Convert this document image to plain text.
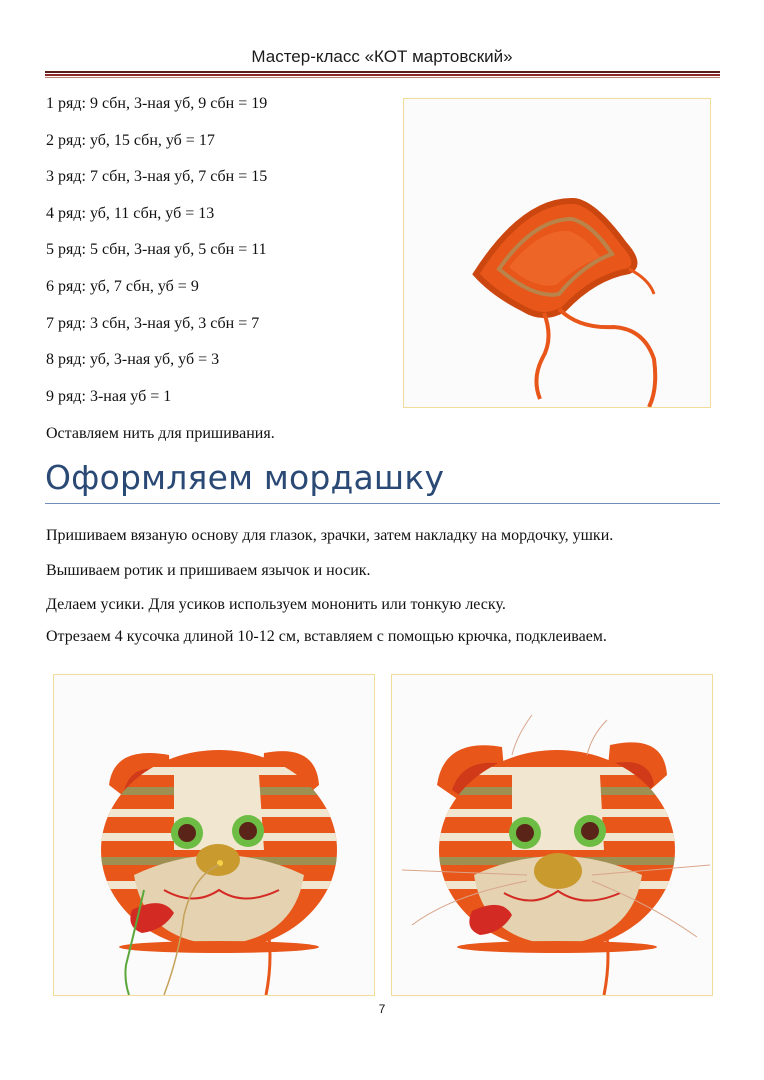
Мастер-класс «КОТ мартовский»
1 ряд: 9 сбн, 3-ная уб, 9 сбн = 19
2 ряд: уб, 15 сбн, уб = 17
3 ряд: 7 сбн, 3-ная уб, 7 сбн = 15
4 ряд: уб, 11 сбн, уб = 13
5 ряд: 5 сбн, 3-ная уб, 5 сбн = 11
6 ряд: уб, 7 сбн, уб = 9
7 ряд: 3 сбн, 3-ная уб, 3 сбн = 7
8 ряд: уб, 3-ная уб, уб = 3
9 ряд: 3-ная уб = 1
Оставляем нить для пришивания.
Оформляем мордашку
Пришиваем вязаную основу для глазок, зрачки, затем накладку на мордочку, ушки.
Вышиваем ротик и пришиваем язычок и носик.
Делаем усики. Для усиков используем мононить или тонкую леску.
Отрезаем 4 кусочка длиной 10-12 см, вставляем с помощью крючка, подклеиваем.
7
